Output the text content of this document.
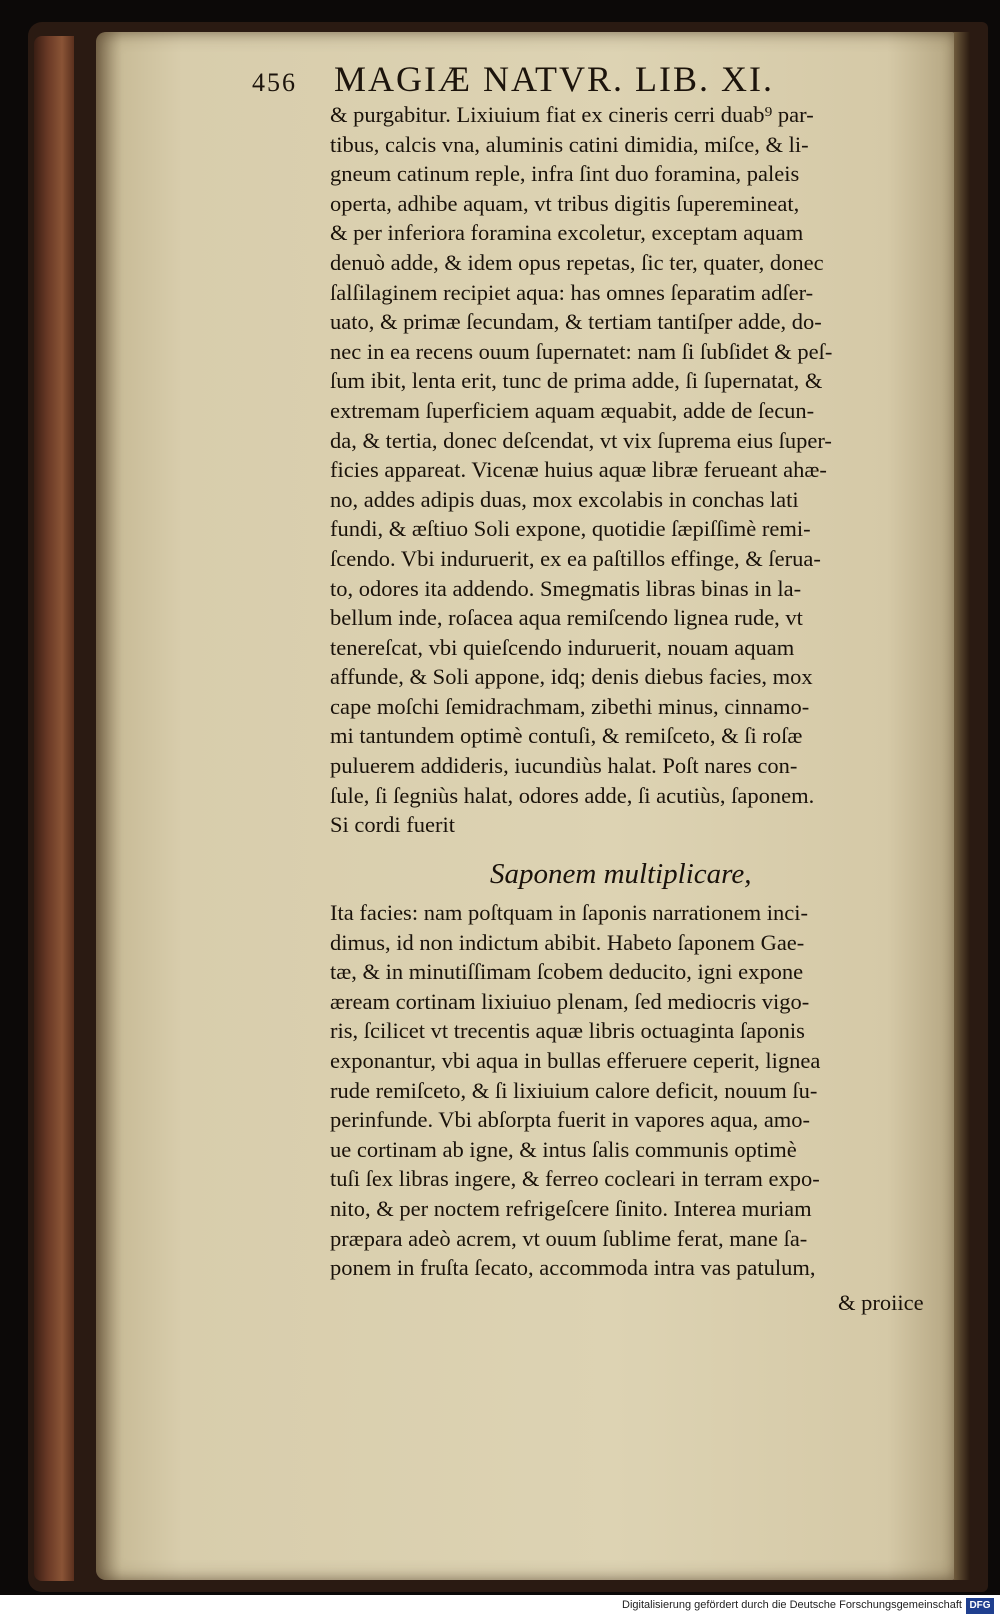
456 MAGIÆ NATVR. LIB. XI.
& purgabitur. Lixiuium fiat ex cineris cerri duab⁹ par-
tibus, calcis vna, aluminis catini dimidia, miſce, & li-
gneum catinum reple, infra ſint duo foramina, paleis
operta, adhibe aquam, vt tribus digitis ſuperemineat,
& per inferiora foramina excoletur, exceptam aquam
denuò adde, & idem opus repetas, ſic ter, quater, donec
ſalſilaginem recipiet aqua: has omnes ſeparatim adſer-
uato, & primæ ſecundam, & tertiam tantiſper adde, do-
nec in ea recens ouum ſupernatet: nam ſi ſubſidet & peſ-
ſum ibit, lenta erit, tunc de prima adde, ſi ſupernatat, &
extremam ſuperficiem aquam æquabit, adde de ſecun-
da, & tertia, donec deſcendat, vt vix ſuprema eius ſuper-
ficies appareat. Vicenæ huius aquæ libræ ferueant ahæ-
no, addes adipis duas, mox excolabis in conchas lati
fundi, & æſtiuo Soli expone, quotidie ſæpiſſimè remi-
ſcendo. Vbi induruerit, ex ea paſtillos effinge, & ſerua-
to, odores ita addendo. Smegmatis libras binas in la-
bellum inde, roſacea aqua remiſcendo lignea rude, vt
tenereſcat, vbi quieſcendo induruerit, nouam aquam
affunde, & Soli appone, idq; denis diebus facies, mox
cape moſchi ſemidrachmam, zibethi minus, cinnamo-
mi tantundem optimè contuſi, & remiſceto, & ſi roſæ
puluerem addideris, iucundiùs halat. Poſt nares con-
ſule, ſi ſegniùs halat, odores adde, ſi acutiùs, ſaponem.
Si cordi fuerit
Saponem multiplicare,
Ita facies: nam poſtquam in ſaponis narrationem inci-
dimus, id non indictum abibit. Habeto ſaponem Gae-
tæ, & in minutiſſimam ſcobem deducito, igni expone
æream cortinam lixiuiuo plenam, ſed mediocris vigo-
ris, ſcilicet vt trecentis aquæ libris octuaginta ſaponis
exponantur, vbi aqua in bullas efferuere ceperit, lignea
rude remiſceto, & ſi lixiuium calore deficit, nouum ſu-
perinfunde. Vbi abſorpta fuerit in vapores aqua, amo-
ue cortinam ab igne, & intus ſalis communis optimè
tuſi ſex libras ingere, & ferreo cocleari in terram expo-
nito, & per noctem refrigeſcere ſinito. Interea muriam
præpara adeò acrem, vt ouum ſublime ferat, mane ſa-
ponem in fruſta ſecato, accommoda intra vas patulum,
& proiice
Digitalisierung gefördert durch die Deutsche Forschungsgemeinschaft DFG
